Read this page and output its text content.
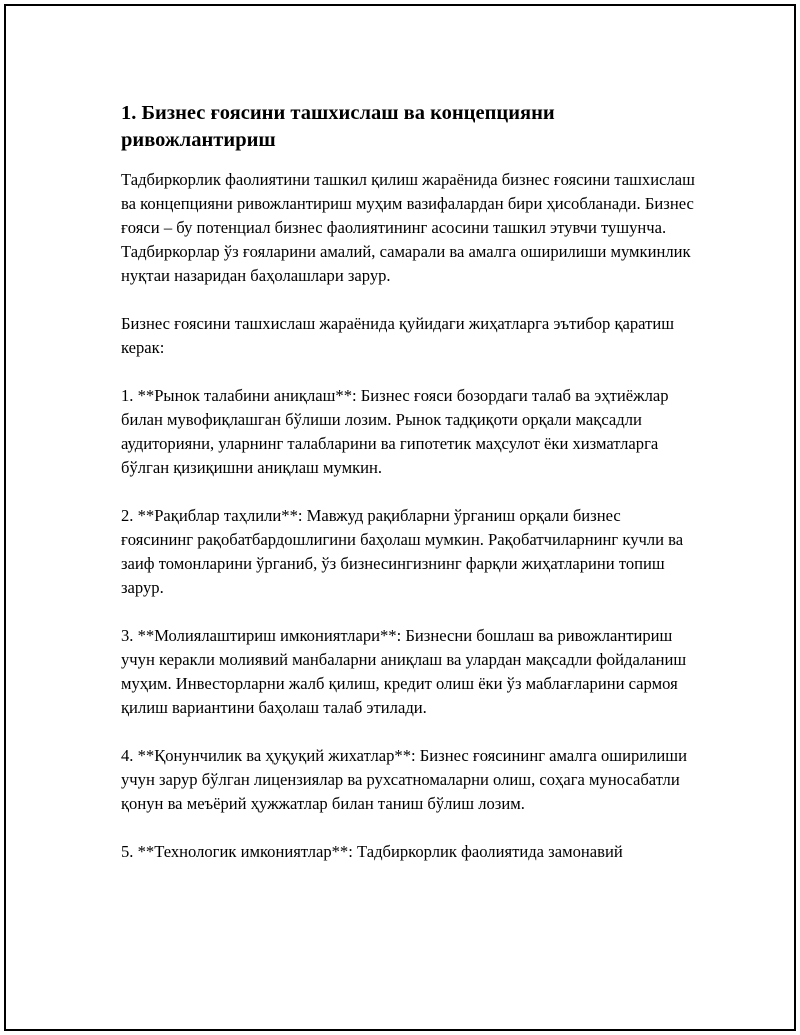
1. Бизнес ғоясини ташхислаш ва концепцияни ривожлантириш

Тадбиркорлик фаолиятини ташкил қилиш жараёнида бизнес ғоясини ташхислаш ва концепцияни ривожлантириш муҳим вазифалардан бири ҳисобланади. Бизнес ғояси – бу потенциал бизнес фаолиятининг асосини ташкил этувчи тушунча. Тадбиркорлар ўз ғояларини амалий, самарали ва амалга оширилиши мумкинлик нуқтаи назаридан баҳолашлари зарур.

Бизнес ғоясини ташхислаш жараёнида қуйидаги жиҳатларга эътибор қаратиш керак:

1. **Рынок талабини аниқлаш**: Бизнес ғояси бозордаги талаб ва эҳтиёжлар билан мувофиқлашган бўлиши лозим. Рынок тадқиқоти орқали мақсадли аудиторияни, уларнинг талабларини ва гипотетик маҳсулот ёки хизматларга бўлган қизиқишни аниқлаш мумкин.

2. **Рақиблар таҳлили**: Мавжуд рақибларни ўрганиш орқали бизнес ғоясининг рақобатбардошлигини баҳолаш мумкин. Рақобатчиларнинг кучли ва заиф томонларини ўрганиб, ўз бизнесингизнинг фарқли жиҳатларини топиш зарур.

3. **Молиялаштириш имкониятлари**: Бизнесни бошлаш ва ривожлантириш учун керакли молиявий манбаларни аниқлаш ва улардан мақсадли фойдаланиш муҳим. Инвесторларни жалб қилиш, кредит олиш ёки ўз маблағларини сармоя қилиш вариантини баҳолаш талаб этилади.

4. **Қонунчилик ва ҳуқуқий жихатлар**: Бизнес ғоясининг амалга оширилиши учун зарур бўлган лицензиялар ва рухсатномаларни олиш, соҳага муносабатли қонун ва меъёрий ҳужжатлар билан таниш бўлиш лозим.

5. **Технологик имкониятлар**: Тадбиркорлик фаолиятида замонавий
